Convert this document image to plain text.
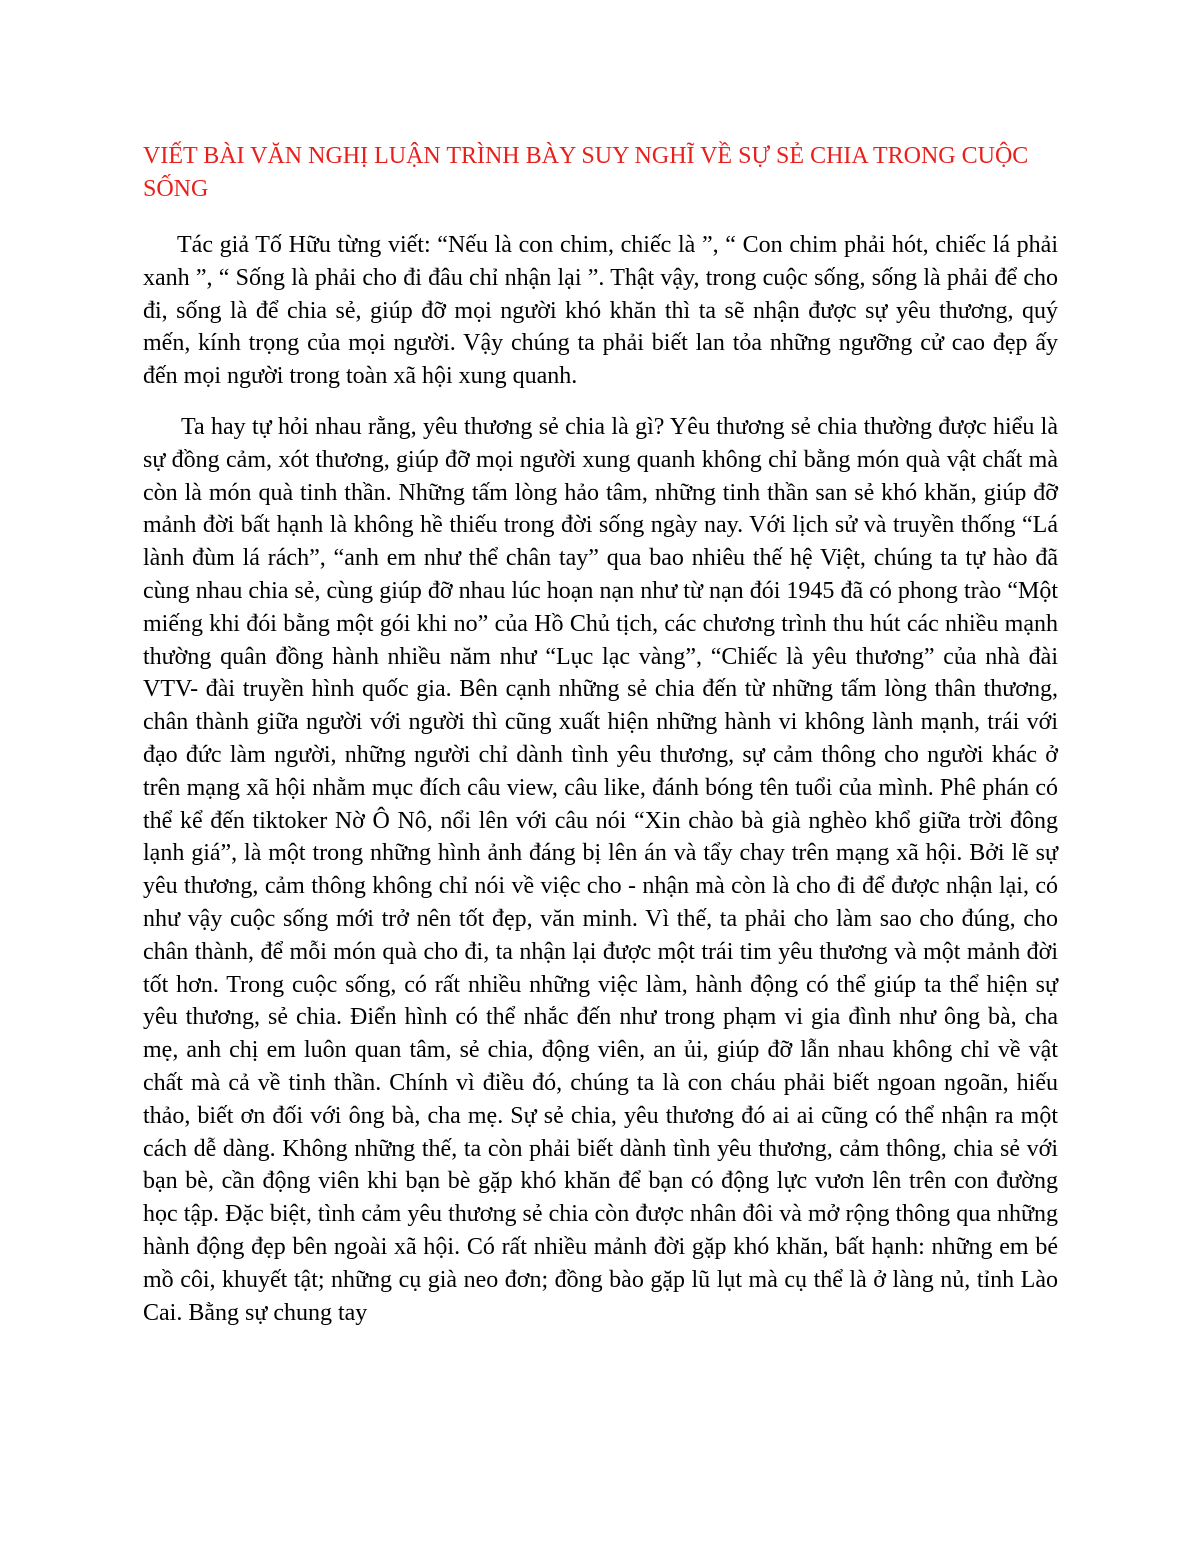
VIẾT BÀI VĂN NGHỊ LUẬN TRÌNH BÀY SUY NGHĨ VỀ SỰ SẺ CHIA TRONG CUỘC SỐNG

Tác giả Tố Hữu từng viết: “Nếu là con chim, chiếc là ”, “ Con chim phải hót, chiếc lá phải xanh ”, “ Sống là phải cho đi đâu chỉ nhận lại ”. Thật vậy, trong cuộc sống, sống là phải để cho đi, sống là để chia sẻ, giúp đỡ mọi người khó khăn thì ta sẽ nhận được sự yêu thương, quý mến, kính trọng của mọi người. Vậy chúng ta phải biết lan tỏa những ngưỡng cử cao đẹp ấy đến mọi người trong toàn xã hội xung quanh.

Ta hay tự hỏi nhau rằng, yêu thương sẻ chia là gì? Yêu thương sẻ chia thường được hiểu là sự đồng cảm, xót thương, giúp đỡ mọi người xung quanh không chỉ bằng món quà vật chất mà còn là món quà tinh thần. Những tấm lòng hảo tâm, những tinh thần san sẻ khó khăn, giúp đỡ mảnh đời bất hạnh là không hề thiếu trong đời sống ngày nay. Với lịch sử và truyền thống “Lá lành đùm lá rách”, “anh em như thể chân tay” qua bao nhiêu thế hệ Việt, chúng ta tự hào đã cùng nhau chia sẻ, cùng giúp đỡ nhau lúc hoạn nạn như từ nạn đói 1945 đã có phong trào “Một miếng khi đói bằng một gói khi no” của Hồ Chủ tịch, các chương trình thu hút các nhiều mạnh thường quân đồng hành nhiều năm như “Lục lạc vàng”, “Chiếc là yêu thương” của nhà đài VTV- đài truyền hình quốc gia. Bên cạnh những sẻ chia đến từ những tấm lòng thân thương, chân thành giữa người với người thì cũng xuất hiện những hành vi không lành mạnh, trái với đạo đức làm người, những người chỉ dành tình yêu thương, sự cảm thông cho người khác ở trên mạng xã hội nhằm mục đích câu view, câu like, đánh bóng tên tuổi của mình. Phê phán có thể kể đến tiktoker Nờ Ô Nô, nổi lên với câu nói “Xin chào bà già nghèo khổ giữa trời đông lạnh giá”, là một trong những hình ảnh đáng bị lên án và tẩy chay trên mạng xã hội. Bởi lẽ sự yêu thương, cảm thông không chỉ nói về việc cho - nhận mà còn là cho đi để được nhận lại, có như vậy cuộc sống mới trở nên tốt đẹp, văn minh. Vì thế, ta phải cho làm sao cho đúng, cho chân thành, để mỗi món quà cho đi, ta nhận lại được một trái tim yêu thương và một mảnh đời tốt hơn. Trong cuộc sống, có rất nhiều những việc làm, hành động có thể giúp ta thể hiện sự yêu thương, sẻ chia. Điển hình có thể nhắc đến như trong phạm vi gia đình như ông bà, cha mẹ, anh chị em luôn quan tâm, sẻ chia, động viên, an ủi, giúp đỡ lẫn nhau không chỉ về vật chất mà cả về tinh thần. Chính vì điều đó, chúng ta là con cháu phải biết ngoan ngoãn, hiếu thảo, biết ơn đối với ông bà, cha mẹ. Sự sẻ chia, yêu thương đó ai ai cũng có thể nhận ra một cách dễ dàng. Không những thế, ta còn phải biết dành tình yêu thương, cảm thông, chia sẻ với bạn bè, cần động viên khi bạn bè gặp khó khăn để bạn có động lực vươn lên trên con đường học tập. Đặc biệt, tình cảm yêu thương sẻ chia còn được nhân đôi và mở rộng thông qua những hành động đẹp bên ngoài xã hội. Có rất nhiều mảnh đời gặp khó khăn, bất hạnh: những em bé mồ côi, khuyết tật; những cụ già neo đơn; đồng bào gặp lũ lụt mà cụ thể là ở làng nủ, tỉnh Lào Cai. Bằng sự chung tay
